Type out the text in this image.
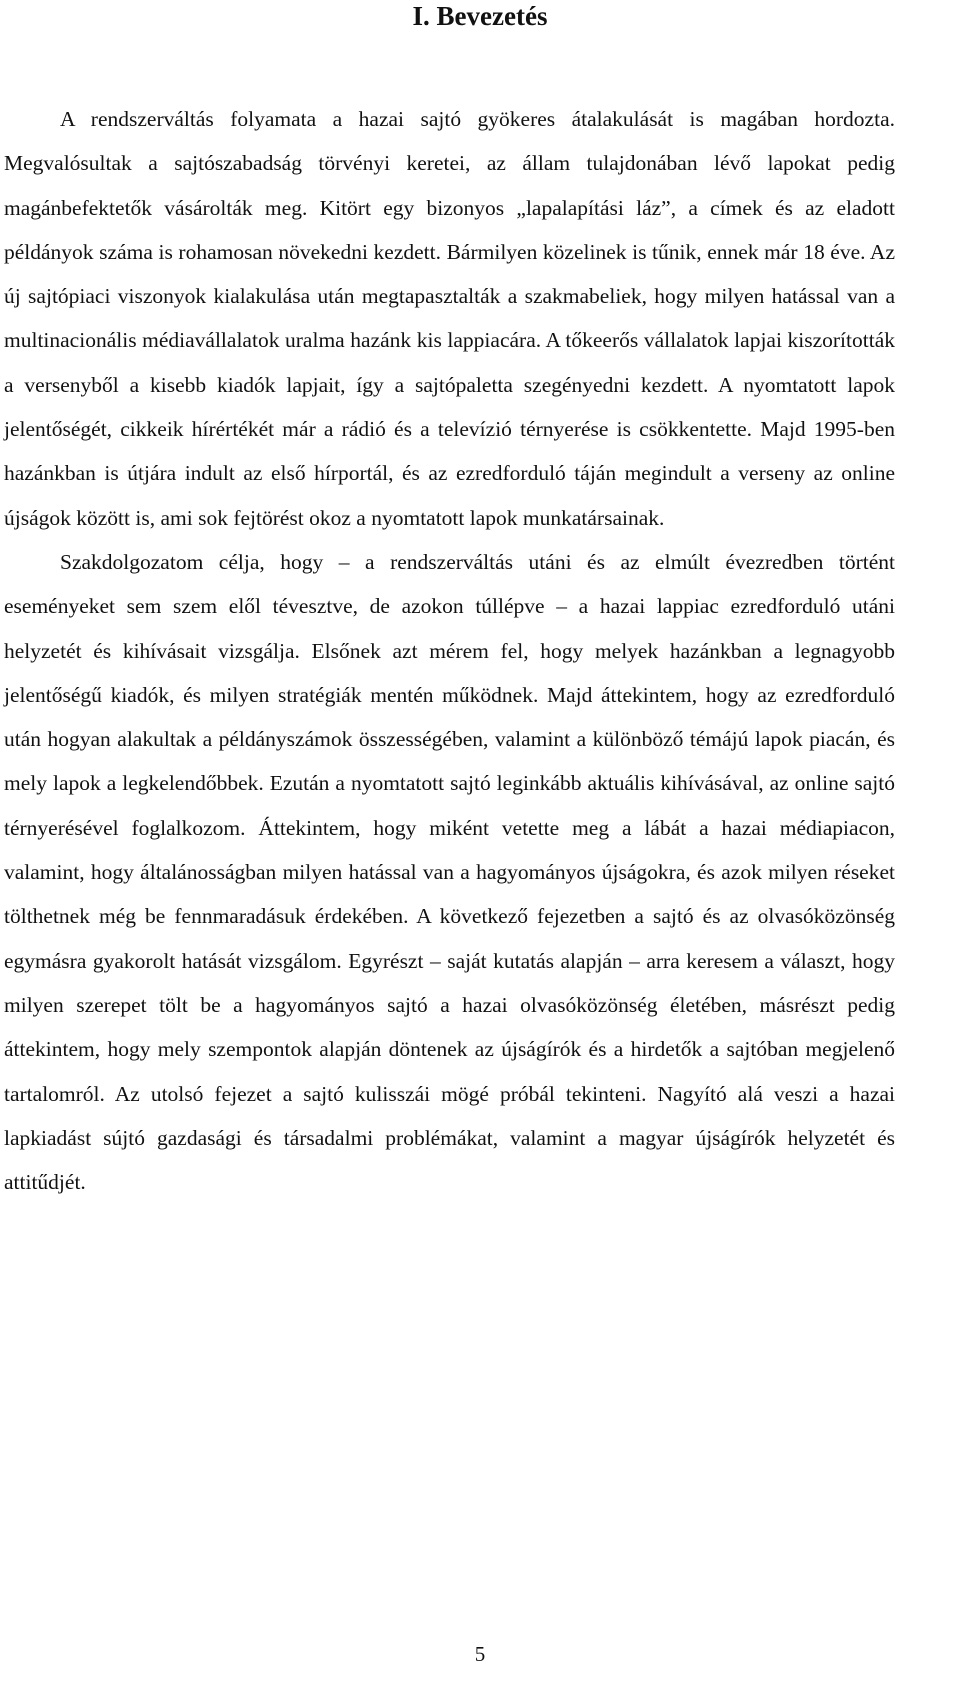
I. Bevezetés

A rendszerváltás folyamata a hazai sajtó gyökeres átalakulását is magában hordozta. Megvalósultak a sajtószabadság törvényi keretei, az állam tulajdonában lévő lapokat pedig magánbefektetők vásárolták meg. Kitört egy bizonyos „lapalapítási láz”, a címek és az eladott példányok száma is rohamosan növekedni kezdett. Bármilyen közelinek is tűnik, ennek már 18 éve. Az új sajtópiaci viszonyok kialakulása után megtapasztalták a szakmabeliek, hogy milyen hatással van a multinacionális médiavállalatok uralma hazánk kis lappiacára. A tőkeerős vállalatok lapjai kiszorították a versenyből a kisebb kiadók lapjait, így a sajtópaletta szegényedni kezdett. A nyomtatott lapok jelentőségét, cikkeik hírértékét már a rádió és a televízió térnyerése is csökkentette. Majd 1995-ben hazánkban is útjára indult az első hírportál, és az ezredforduló táján megindult a verseny az online újságok között is, ami sok fejtörést okoz a nyomtatott lapok munkatársainak.

Szakdolgozatom célja, hogy – a rendszerváltás utáni és az elmúlt évezredben történt eseményeket sem szem elől tévesztve, de azokon túllépve – a hazai lappiac ezredforduló utáni helyzetét és kihívásait vizsgálja. Elsőnek azt mérem fel, hogy melyek hazánkban a legnagyobb jelentőségű kiadók, és milyen stratégiák mentén működnek. Majd áttekintem, hogy az ezredforduló után hogyan alakultak a példányszámok összességében, valamint a különböző témájú lapok piacán, és mely lapok a legkelendőbbek. Ezután a nyomtatott sajtó leginkább aktuális kihívásával, az online sajtó térnyerésével foglalkozom. Áttekintem, hogy miként vetette meg a lábát a hazai médiapiacon, valamint, hogy általánosságban milyen hatással van a hagyományos újságokra, és azok milyen réseket tölthetnek még be fennmaradásuk érdekében. A következő fejezetben a sajtó és az olvasóközönség egymásra gyakorolt hatását vizsgálom. Egyrészt – saját kutatás alapján – arra keresem a választ, hogy milyen szerepet tölt be a hagyományos sajtó a hazai olvasóközönség életében, másrészt pedig áttekintem, hogy mely szempontok alapján döntenek az újságírók és a hirdetők a sajtóban megjelenő tartalomról. Az utolsó fejezet a sajtó kulisszái mögé próbál tekinteni. Nagyító alá veszi a hazai lapkiadást sújtó gazdasági és társadalmi problémákat, valamint a magyar újságírók helyzetét és attitűdjét.

5
